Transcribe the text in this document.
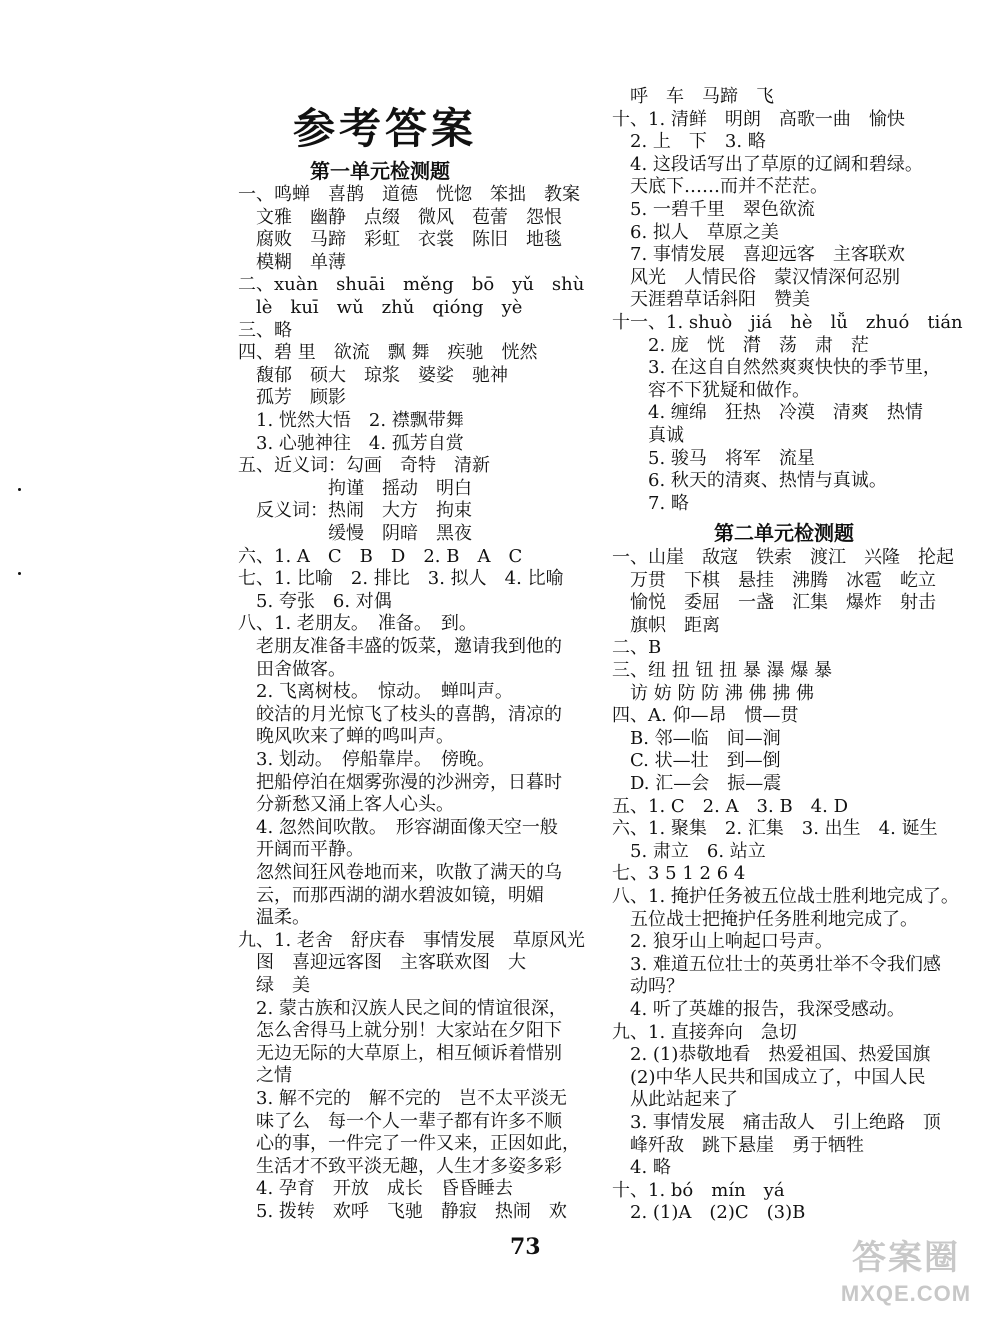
参考答案
第一单元检测题
一、鸣蝉　喜鹊　道德　恍惚　笨拙　教案
　文雅　幽静　点缀　微风　苞蕾　怨恨
　腐败　马蹄　彩虹　衣裳　陈旧　地毯
　模糊　单薄
二、xuàn　shuāi　měng　bō　yǔ　shù
　lè　kuī　wǔ　zhǔ　qióng　yè
三、略
四、碧 里　欲流　飘 舞　疾驰　恍然
　馥郁　硕大　琼浆　婆娑　驰神
　孤芳　顾影
　1. 恍然大悟　2. 襟飘带舞
　3. 心驰神往　4. 孤芳自赏
五、近义词：勾画　奇特　清新
　　　　　拘谨　摇动　明白
　反义词：热闹　大方　拘束
　　　　　缓慢　阴暗　黑夜
六、1. A　C　B　D　2. B　A　C
七、1. 比喻　2. 排比　3. 拟人　4. 比喻
　5. 夸张　6. 对偶
八、1. 老朋友。　准备。　到。
　老朋友准备丰盛的饭菜，邀请我到他的
　田舍做客。
　2. 飞离树枝。　惊动。　蝉叫声。
　皎洁的月光惊飞了枝头的喜鹊，清凉的
　晚风吹来了蝉的鸣叫声。
　3. 划动。　停船靠岸。　傍晚。
　把船停泊在烟雾弥漫的沙洲旁，日暮时
　分新愁又涌上客人心头。
　4. 忽然间吹散。　形容湖面像天空一般
　开阔而平静。
　忽然间狂风卷地而来，吹散了满天的乌
　云，而那西湖的湖水碧波如镜，明媚
　温柔。
九、1. 老舍　舒庆春　事情发展　草原风光
　图　喜迎远客图　主客联欢图　大
　绿　美
　2. 蒙古族和汉族人民之间的情谊很深，
　怎么舍得马上就分别！大家站在夕阳下
　无边无际的大草原上，相互倾诉着惜别
　之情
　3. 解不完的　解不完的　岂不太平淡无
　味了么　每一个人一辈子都有许多不顺
　心的事，一件完了一件又来，正因如此，
　生活才不致平淡无趣，人生才多姿多彩
　4. 孕育　开放　成长　昏昏睡去
　5. 拨转　欢呼　飞驰　静寂　热闹　欢
　呼　车　马蹄　飞
十、1. 清鲜　明朗　高歌一曲　愉快
　2. 上　下　3. 略
　4. 这段话写出了草原的辽阔和碧绿。
　天底下……而并不茫茫。
　5. 一碧千里　翠色欲流
　6. 拟人　草原之美
　7. 事情发展　喜迎远客　主客联欢
　风光　人情民俗　蒙汉情深何忍别
　天涯碧草话斜阳　赞美
十一、1. shuò　jiá　hè　lǚ　zhuó　tián
　　2. 庞　恍　潸　荡　肃　茫
　　3. 在这自自然然爽爽快快的季节里，
　　容不下犹疑和做作。
　　4. 缠绵　狂热　冷漠　清爽　热情
　　真诚
　　5. 骏马　将军　流星
　　6. 秋天的清爽、热情与真诚。
　　7. 略
第二单元检测题
一、山崖　敌寇　铁索　渡江　兴隆　抡起
　万贯　下棋　悬挂　沸腾　冰雹　屹立
　愉悦　委屈　一盏　汇集　爆炸　射击
　旗帜　距离
二、B
三、纽 扭 钮 扭 暴 瀑 爆 暴
　访 妨 防 防 沸 佛 拂 佛
四、A. 仰—昂　惯—贯
　B. 邻—临　间—涧
　C. 状—壮　到—倒
　D. 汇—会　振—震
五、1. C　2. A　3. B　4. D
六、1. 聚集　2. 汇集　3. 出生　4. 诞生
　5. 肃立　6. 站立
七、3 5 1 2 6 4
八、1. 掩护任务被五位战士胜利地完成了。
　五位战士把掩护任务胜利地完成了。
　2. 狼牙山上响起口号声。
　3. 难道五位壮士的英勇壮举不令我们感
　动吗？
　4. 听了英雄的报告，我深受感动。
九、1. 直接奔向　急切
　2. (1)恭敬地看　热爱祖国、热爱国旗
　(2)中华人民共和国成立了，中国人民
　从此站起来了
　3. 事情发展　痛击敌人　引上绝路　顶
　峰歼敌　跳下悬崖　勇于牺牲
　4. 略
十、1. bó　mín　yá
　2. (1)A　(2)C　(3)B
73	答案圈
MXQE.COM
